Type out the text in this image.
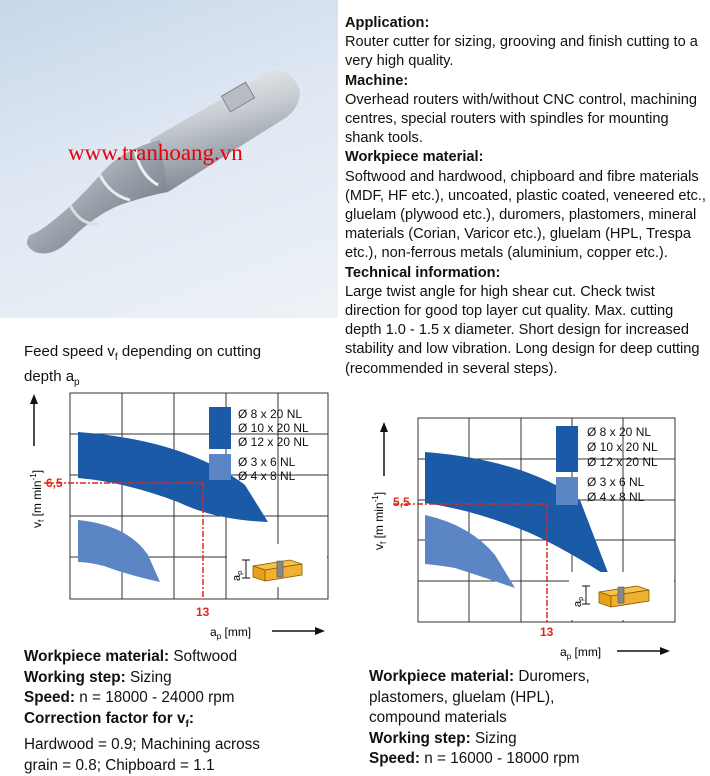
www.tranhoang.vn
Application:

Router cutter for sizing, grooving and finish cutting to a very high quality.

Machine:

Overhead routers with/without CNC control, machining centres, special routers with spindles for mounting shank tools.

Workpiece material:

Softwood and hardwood, chipboard and fibre materials (MDF, HF etc.), uncoated, plastic coated, veneered etc., gluelam (plywood etc.), duromers, plastomers, mineral materials (Corian, Varicor etc.), gluelam (HPL, Trespa etc.), non-ferrous metals (aluminium, copper etc.).

Technical information:

Large twist angle for high shear cut. Check twist direction for good top layer cut quality. Max. cutting depth 1.0 - 1.5 x diameter. Short design for increased stability and low vibration. Long design for deep cutting (recommended in several steps).

Feed speed $v_f$ depending on cutting
depth $a_p$
$v_f$ [m $\min^{-1}$]
Ø 8 x 20 NL
Ø 10 x 20 NL
Ø 12 x 20 NL
Ø 3 x 6 NL
Ø 4 x 8 NL
6,5
13
ap
$a_p$ [mm]
$v_f$ [m $\min^{-1}$]
Ø 8 x 20 NL
Ø 10 x 20 NL
Ø 12 x 20 NL
Ø 3 x 6 NL
Ø 4 x 8 NL
5,5
13
ap
$a_p$ [mm]
Workpiece material: Softwood
Working step: Sizing
Speed: n = 18000 - 24000 rpm
Correction factor for $v_f$:
Hardwood = 0.9; Machining across
grain = 0.8; Chipboard = 1.1
Workpiece material: Duromers,
plastomers, gluelam (HPL),
compound materials
Working step: Sizing
Speed: n = 16000 - 18000 rpm
